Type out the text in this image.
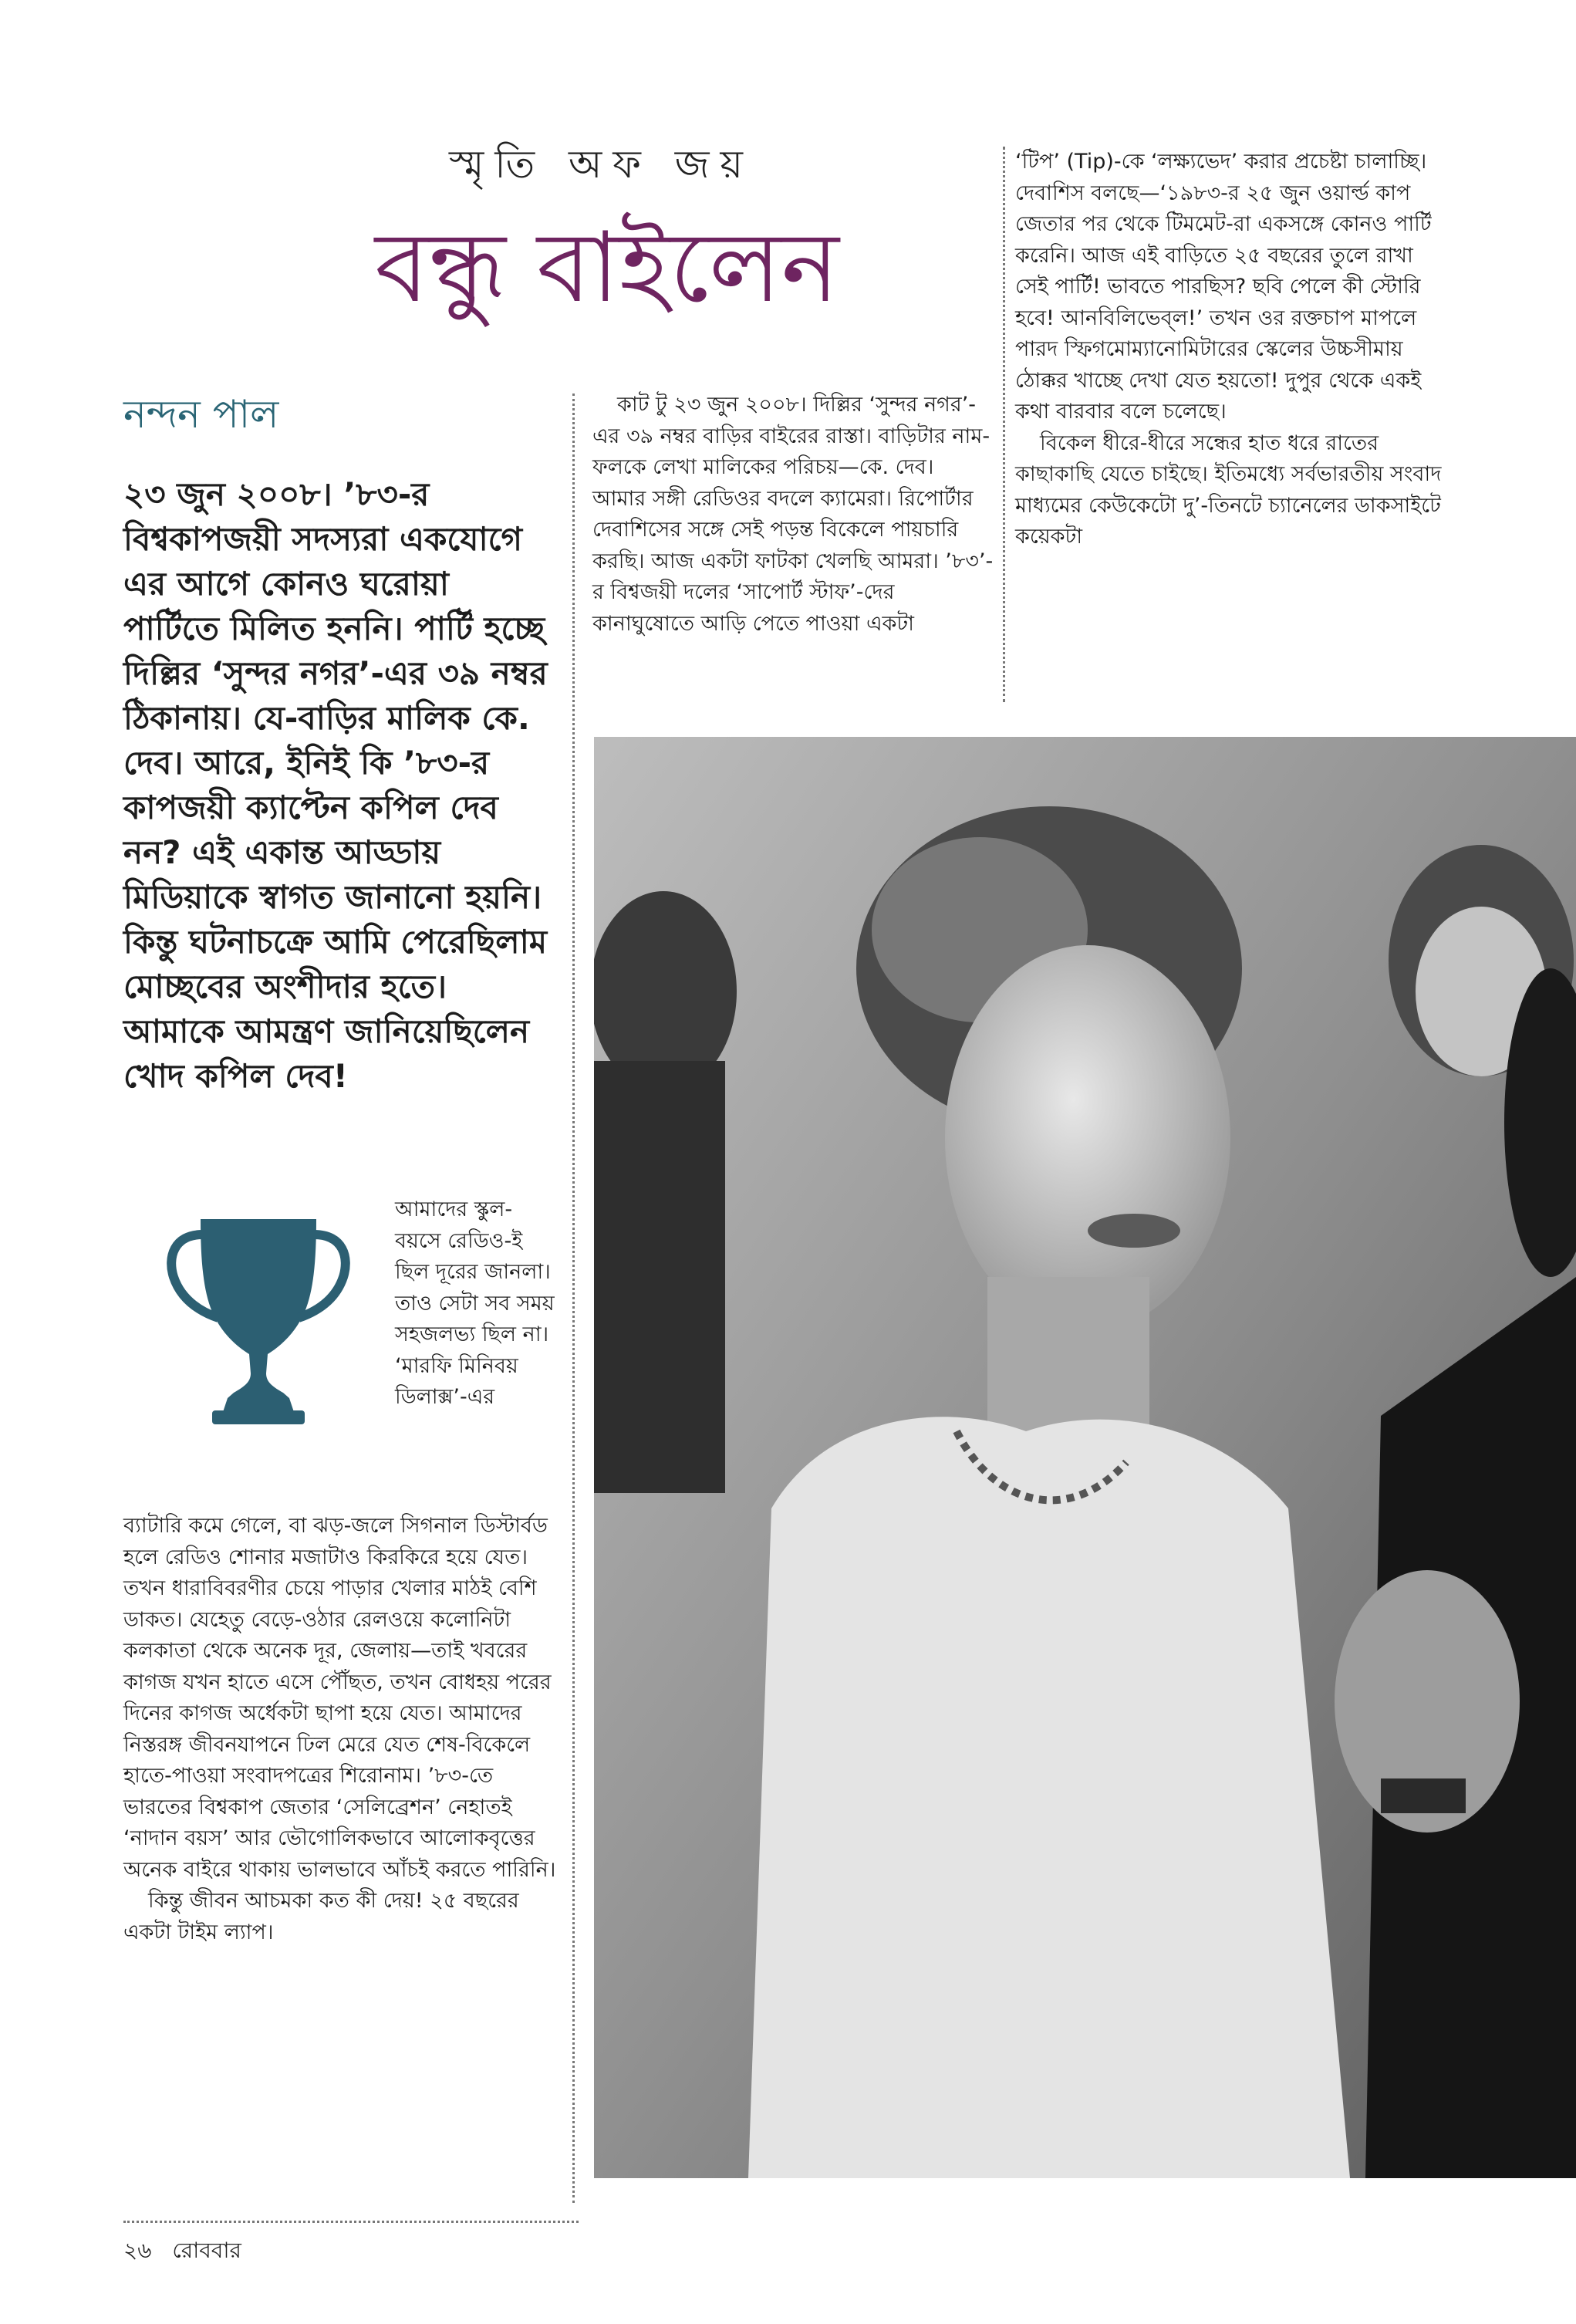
স্মৃতি অফ জয়
বন্ধু বাইলেন
নন্দন পাল
২৩ জুন ২০০৮। ’৮৩-র বিশ্বকাপজয়ী সদস্যরা একযোগে এর আগে কোনও ঘরোয়া পার্টিতে মিলিত হননি। পার্টি হচ্ছে দিল্লির ‘সুন্দর নগর’-এর ৩৯ নম্বর ঠিকানায়। যে-বাড়ির মালিক কে. দেব। আরে, ইনিই কি ’৮৩-র কাপজয়ী ক্যাপ্টেন কপিল দেব নন? এই একান্ত আড্ডায় মিডিয়াকে স্বাগত জানানো হয়নি। কিন্তু ঘটনাচক্রে আমি পেরেছিলাম মোচ্ছবের অংশীদার হতে। আমাকে আমন্ত্রণ জানিয়েছিলেন খোদ কপিল দেব!
আমাদের স্কুল-বয়সে রেডিও-ই ছিল দূরের জানলা। তাও সেটা সব সময় সহজলভ্য ছিল না। ‘মারফি মিনিবয় ডিলাক্স’-এর

ব্যাটারি কমে গেলে, বা ঝড়-জলে সিগনাল ডিস্টার্বড হলে রেডিও শোনার মজাটাও কিরকিরে হয়ে যেত। তখন ধারাবিবরণীর চেয়ে পাড়ার খেলার মাঠই বেশি ডাকত। যেহেতু বেড়ে-ওঠার রেলওয়ে কলোনিটা কলকাতা থেকে অনেক দূর, জেলায়—তাই খবরের কাগজ যখন হাতে এসে পৌঁছত, তখন বোধহয় পরের দিনের কাগজ অর্ধেকটা ছাপা হয়ে যেত। আমাদের নিস্তরঙ্গ জীবনযাপনে ঢিল মেরে যেত শেষ-বিকেলে হাতে-পাওয়া সংবাদপত্রের শিরোনাম। ’৮৩-তে ভারতের বিশ্বকাপ জেতার ‘সেলিব্রেশন’ নেহাতই ‘নাদান বয়স’ আর ভৌগোলিকভাবে আলোকবৃত্তের অনেক বাইরে থাকায় ভালভাবে আঁচই করতে পারিনি।

কিন্তু জীবন আচমকা কত কী দেয়! ২৫ বছরের একটা টাইম ল্যাপ।

কাট টু ২৩ জুন ২০০৮। দিল্লির ‘সুন্দর নগর’-এর ৩৯ নম্বর বাড়ির বাইরের রাস্তা। বাড়িটার নাম-ফলকে লেখা মালিকের পরিচয়—কে. দেব। আমার সঙ্গী রেডিওর বদলে ক্যামেরা। রিপোর্টার দেবাশিসের সঙ্গে সেই পড়ন্ত বিকেলে পায়চারি করছি। আজ একটা ফাটকা খেলছি আমরা। ’৮৩’-র বিশ্বজয়ী দলের ‘সাপোর্ট স্টাফ’-দের কানাঘুষোতে আড়ি পেতে পাওয়া একটা

‘টিপ’ (Tip)-কে ‘লক্ষ্যভেদ’ করার প্রচেষ্টা চালাচ্ছি। দেবাশিস বলছে—‘১৯৮৩-র ২৫ জুন ওয়ার্ল্ড কাপ জেতার পর থেকে টিমমেট-রা একসঙ্গে কোনও পার্টি করেনি। আজ এই বাড়িতে ২৫ বছরের তুলে রাখা সেই পার্টি! ভাবতে পারছিস? ছবি পেলে কী স্টোরি হবে! আনবিলিভেব্‌ল!’ তখন ওর রক্তচাপ মাপলে পারদ স্ফিগমোম্যানোমিটারের স্কেলের উচ্চসীমায় ঠোক্কর খাচ্ছে দেখা যেত হয়তো! দুপুর থেকে একই কথা বারবার বলে চলেছে।

বিকেল ধীরে-ধীরে সন্ধের হাত ধরে রাতের কাছাকাছি যেতে চাইছে। ইতিমধ্যে সর্বভারতীয় সংবাদ মাধ্যমের কেউকেটো দু’-তিনটে চ্যানেলের ডাকসাইটে কয়েকটা

২৬ রোববার
